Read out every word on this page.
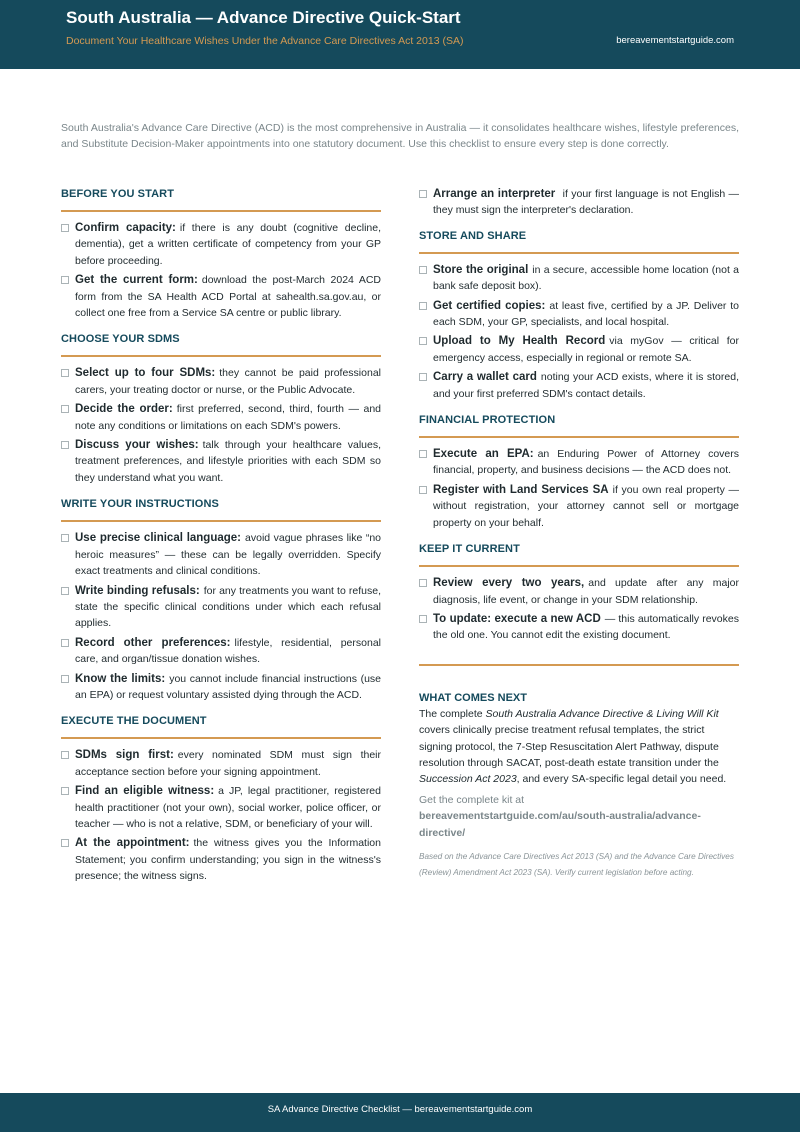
South Australia — Advance Directive Quick-Start
Document Your Healthcare Wishes Under the Advance Care Directives Act 2013 (SA)	bereavementstartguide.com
South Australia's Advance Care Directive (ACD) is the most comprehensive in Australia — it consolidates healthcare wishes, lifestyle preferences, and Substitute Decision-Maker appointments into one statutory document. Use this checklist to ensure every step is done correctly.
BEFORE YOU START
Confirm capacity: if there is any doubt (cognitive decline, dementia), get a written certificate of competency from your GP before proceeding.
Get the current form: download the post-March 2024 ACD form from the SA Health ACD Portal at sahealth.sa.gov.au, or collect one free from a Service SA centre or public library.
CHOOSE YOUR SDMS
Select up to four SDMs: they cannot be paid professional carers, your treating doctor or nurse, or the Public Advocate.
Decide the order: first preferred, second, third, fourth — and note any conditions or limitations on each SDM's powers.
Discuss your wishes: talk through your healthcare values, treatment preferences, and lifestyle priorities with each SDM so they understand what you want.
WRITE YOUR INSTRUCTIONS
Use precise clinical language: avoid vague phrases like “no heroic measures” — these can be legally overridden. Specify exact treatments and clinical conditions.
Write binding refusals: for any treatments you want to refuse, state the specific clinical conditions under which each refusal applies.
Record other preferences: lifestyle, residential, personal care, and organ/tissue donation wishes.
Know the limits: you cannot include financial instructions (use an EPA) or request voluntary assisted dying through the ACD.
EXECUTE THE DOCUMENT
SDMs sign first: every nominated SDM must sign their acceptance section before your signing appointment.
Find an eligible witness: a JP, legal practitioner, registered health practitioner (not your own), social worker, police officer, or teacher — who is not a relative, SDM, or beneficiary of your will.
At the appointment: the witness gives you the Information Statement; you confirm understanding; you sign in the witness's presence; the witness signs.
Arrange an interpreter if your first language is not English — they must sign the interpreter's declaration.
STORE AND SHARE
Store the original in a secure, accessible home location (not a bank safe deposit box).
Get certified copies: at least five, certified by a JP. Deliver to each SDM, your GP, specialists, and local hospital.
Upload to My Health Record via myGov — critical for emergency access, especially in regional or remote SA.
Carry a wallet card noting your ACD exists, where it is stored, and your first preferred SDM's contact details.
FINANCIAL PROTECTION
Execute an EPA: an Enduring Power of Attorney covers financial, property, and business decisions — the ACD does not.
Register with Land Services SA if you own real property — without registration, your attorney cannot sell or mortgage property on your behalf.
KEEP IT CURRENT
Review every two years, and update after any major diagnosis, life event, or change in your SDM relationship.
To update: execute a new ACD — this automatically revokes the old one. You cannot edit the existing document.
WHAT COMES NEXT
The complete South Australia Advance Directive & Living Will Kit covers clinically precise treatment refusal templates, the strict signing protocol, the 7-Step Resuscitation Alert Pathway, dispute resolution through SACAT, post-death estate transition under the Succession Act 2023, and every SA-specific legal detail you need.
Get the complete kit at
bereavementstartguide.com/au/south-australia/advance-directive/
Based on the Advance Care Directives Act 2013 (SA) and the Advance Care Directives (Review) Amendment Act 2023 (SA). Verify current legislation before acting.
SA Advance Directive Checklist — bereavementstartguide.com
